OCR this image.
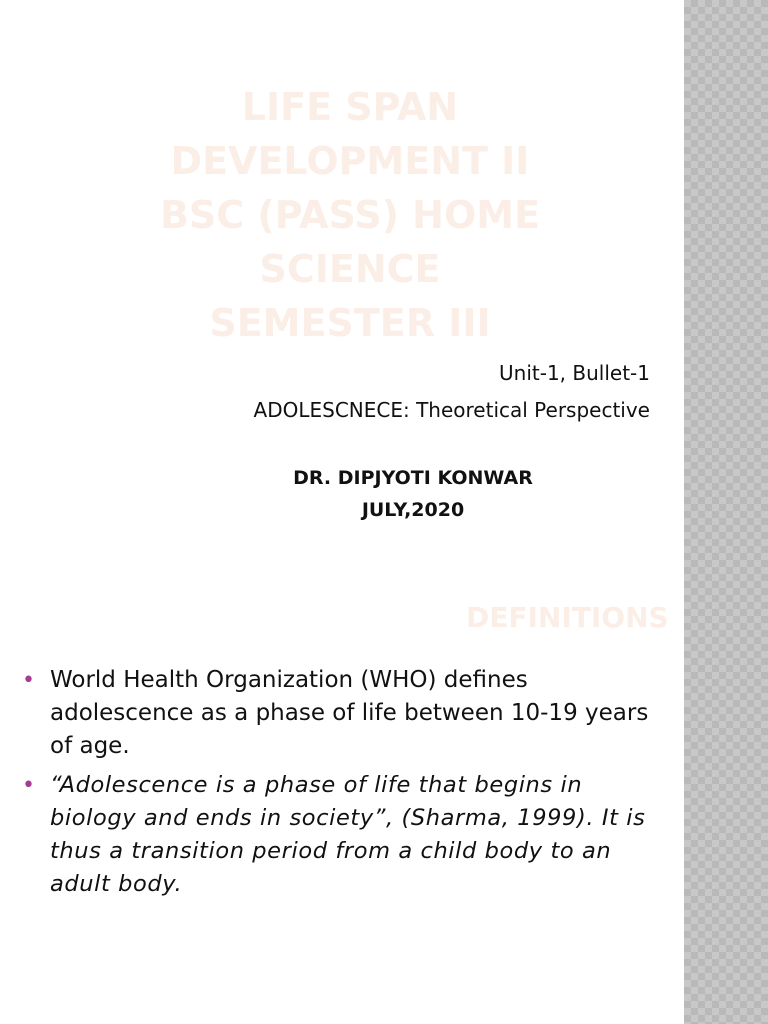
LIFE SPAN
DEVELOPMENT II
BSC (PASS) HOME
SCIENCE
SEMESTER III
Unit-1, Bullet-1
ADOLESCNECE: Theoretical Perspective
DR. DIPJYOTI KONWAR
JULY,2020
DEFINITIONS
• World Health Organization (WHO) defines adolescence as a phase of life between 10-19 years of age.
• “Adolescence is a phase of life that begins in biology and ends in society”, (Sharma, 1999). It is thus a transition period from a child body to an adult body.
